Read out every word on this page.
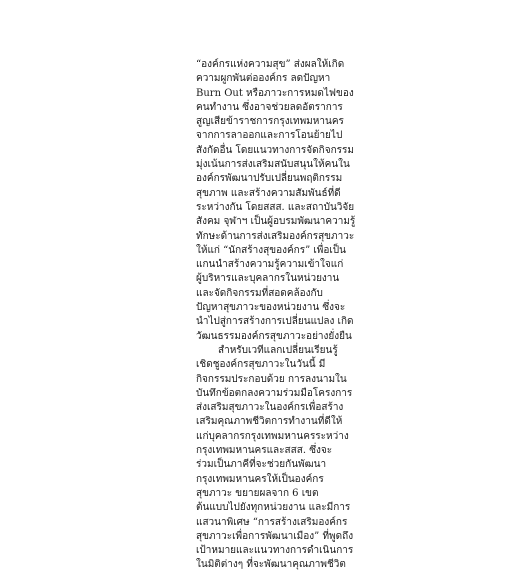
“องค์กรแห่งความสุข” ส่งผลให้เกิด
ความผูกพันต่อองค์กร ลดปัญหา
Burn Out หรือภาวะการหมดไฟของ
คนทำงาน ซึ่งอาจช่วยลดอัตราการ
สูญเสียข้าราชการกรุงเทพมหานคร
จากการลาออกและการโอนย้ายไป
สังกัดอื่น โดยแนวทางการจัดกิจกรรม
มุ่งเน้นการส่งเสริมสนับสนุนให้คนใน
องค์กรพัฒนาปรับเปลี่ยนพฤติกรรม
สุขภาพ และสร้างความสัมพันธ์ที่ดี
ระหว่างกัน โดยสสส. และสถาบันวิจัย
สังคม จุฬาฯ เป็นผู้อบรมพัฒนาความรู้
ทักษะด้านการส่งเสริมองค์กรสุขภาวะ
ให้แก่ “นักสร้างสุของค์กร” เพื่อเป็น
แกนนำสร้างความรู้ความเข้าใจแก่
ผู้บริหารและบุคลากรในหน่วยงาน
และจัดกิจกรรมที่สอดคล้องกับ
ปัญหาสุขภาวะของหน่วยงาน ซึ่งจะ
นำไปสู่การสร้างการเปลี่ยนแปลง เกิด
วัฒนธรรมองค์กรสุขภาวะอย่างยั่งยืน
สำหรับเวทีแลกเปลี่ยนเรียนรู้
เชิดชูองค์กรสุขภาวะในวันนี้ มี
กิจกรรมประกอบด้วย การลงนามใน
บันทึกข้อตกลงความร่วมมือโครงการ
ส่งเสริมสุขภาวะในองค์กรเพื่อสร้าง
เสริมคุณภาพชีวิตการทำงานที่ดีให้
แก่บุคลากรกรุงเทพมหานครระหว่าง
กรุงเทพมหานครและสสส. ซึ่งจะ
ร่วมเป็นภาคีที่จะช่วยกันพัฒนา
กรุงเทพมหานครให้เป็นองค์กร
สุขภาวะ ขยายผลจาก 6 เขต
ต้นแบบไปยังทุกหน่วยงาน และมีการ
แสวนาพิเศษ “การสร้างเสริมองค์กร
สุขภาวะเพื่อการพัฒนาเมือง” ที่พูดถึง
เป้าหมายและแนวทางการดำเนินการ
ในมิติต่างๆ ที่จะพัฒนาคุณภาพชีวิต
